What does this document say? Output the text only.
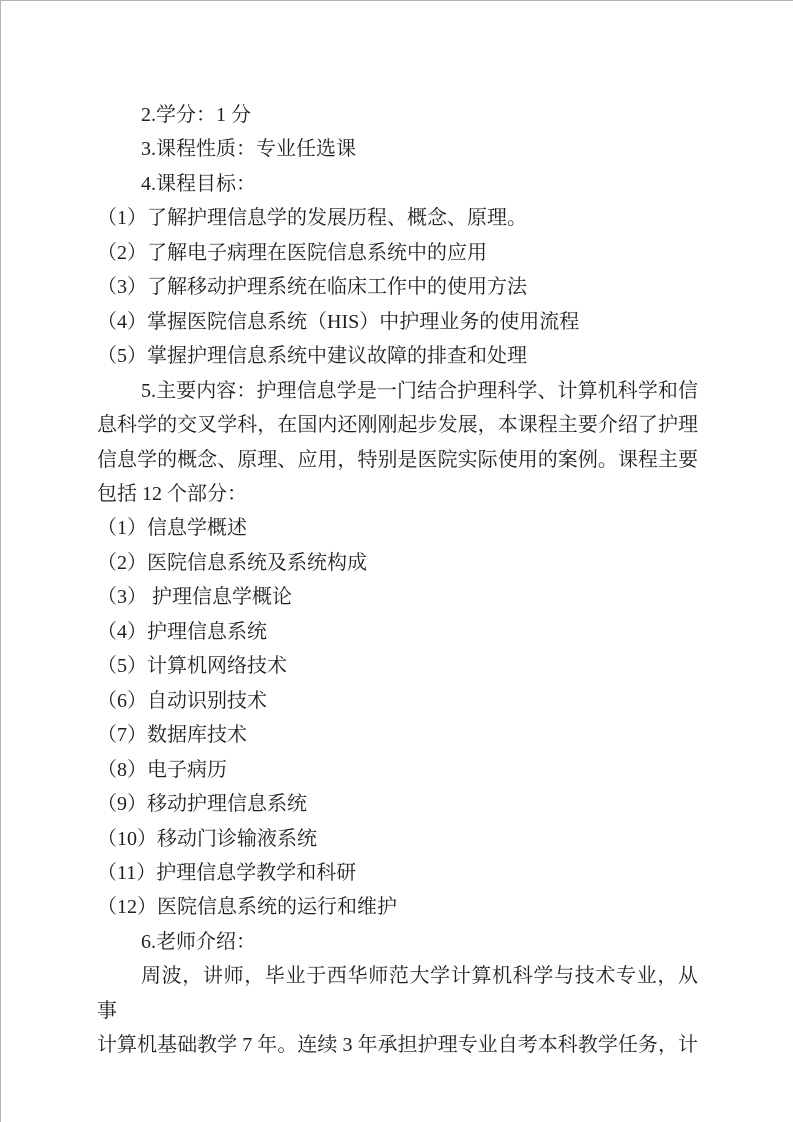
2.学分：1 分
3.课程性质：专业任选课
4.课程目标：
（1）了解护理信息学的发展历程、概念、原理。
（2）了解电子病理在医院信息系统中的应用
（3）了解移动护理系统在临床工作中的使用方法
（4）掌握医院信息系统（HIS）中护理业务的使用流程
（5）掌握护理信息系统中建议故障的排查和处理
5.主要内容：护理信息学是一门结合护理科学、计算机科学和信
息科学的交叉学科，在国内还刚刚起步发展，本课程主要介绍了护理
信息学的概念、原理、应用，特别是医院实际使用的案例。课程主要
包括 12 个部分：
（1）信息学概述
（2）医院信息系统及系统构成
（3） 护理信息学概论
（4）护理信息系统
（5）计算机网络技术
（6）自动识别技术
（7）数据库技术
（8）电子病历
（9）移动护理信息系统
（10）移动门诊输液系统
（11）护理信息学教学和科研
（12）医院信息系统的运行和维护
6.老师介绍：
周波，讲师，毕业于西华师范大学计算机科学与技术专业，从事
计算机基础教学 7 年。连续 3 年承担护理专业自考本科教学任务，计
